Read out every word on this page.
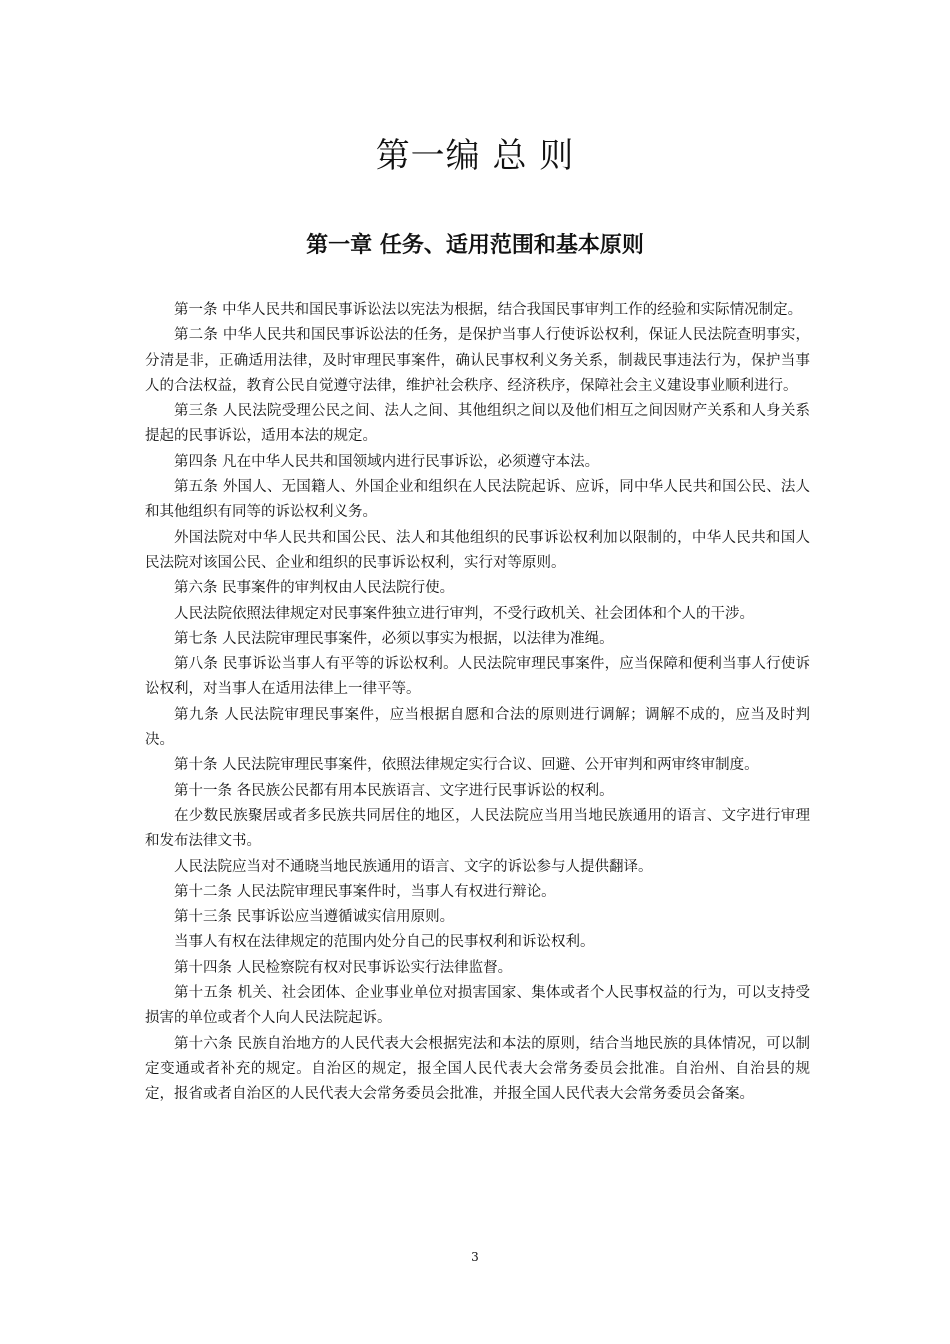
第一编 总 则
第一章 任务、适用范围和基本原则

第一条 中华人民共和国民事诉讼法以宪法为根据，结合我国民事审判工作的经验和实际情况制定。

第二条 中华人民共和国民事诉讼法的任务，是保护当事人行使诉讼权利，保证人民法院查明事实，分清是非，正确适用法律，及时审理民事案件，确认民事权利义务关系，制裁民事违法行为，保护当事人的合法权益，教育公民自觉遵守法律，维护社会秩序、经济秩序，保障社会主义建设事业顺利进行。

第三条 人民法院受理公民之间、法人之间、其他组织之间以及他们相互之间因财产关系和人身关系提起的民事诉讼，适用本法的规定。

第四条 凡在中华人民共和国领域内进行民事诉讼，必须遵守本法。

第五条 外国人、无国籍人、外国企业和组织在人民法院起诉、应诉，同中华人民共和国公民、法人和其他组织有同等的诉讼权利义务。

外国法院对中华人民共和国公民、法人和其他组织的民事诉讼权利加以限制的，中华人民共和国人民法院对该国公民、企业和组织的民事诉讼权利，实行对等原则。

第六条 民事案件的审判权由人民法院行使。

人民法院依照法律规定对民事案件独立进行审判，不受行政机关、社会团体和个人的干涉。

第七条 人民法院审理民事案件，必须以事实为根据，以法律为准绳。

第八条 民事诉讼当事人有平等的诉讼权利。人民法院审理民事案件，应当保障和便利当事人行使诉讼权利，对当事人在适用法律上一律平等。

第九条 人民法院审理民事案件，应当根据自愿和合法的原则进行调解；调解不成的，应当及时判决。

第十条 人民法院审理民事案件，依照法律规定实行合议、回避、公开审判和两审终审制度。

第十一条 各民族公民都有用本民族语言、文字进行民事诉讼的权利。

在少数民族聚居或者多民族共同居住的地区，人民法院应当用当地民族通用的语言、文字进行审理和发布法律文书。

人民法院应当对不通晓当地民族通用的语言、文字的诉讼参与人提供翻译。

第十二条 人民法院审理民事案件时，当事人有权进行辩论。

第十三条 民事诉讼应当遵循诚实信用原则。

当事人有权在法律规定的范围内处分自己的民事权利和诉讼权利。

第十四条 人民检察院有权对民事诉讼实行法律监督。

第十五条 机关、社会团体、企业事业单位对损害国家、集体或者个人民事权益的行为，可以支持受损害的单位或者个人向人民法院起诉。

第十六条 民族自治地方的人民代表大会根据宪法和本法的原则，结合当地民族的具体情况，可以制定变通或者补充的规定。自治区的规定，报全国人民代表大会常务委员会批准。自治州、自治县的规定，报省或者自治区的人民代表大会常务委员会批准，并报全国人民代表大会常务委员会备案。

3
